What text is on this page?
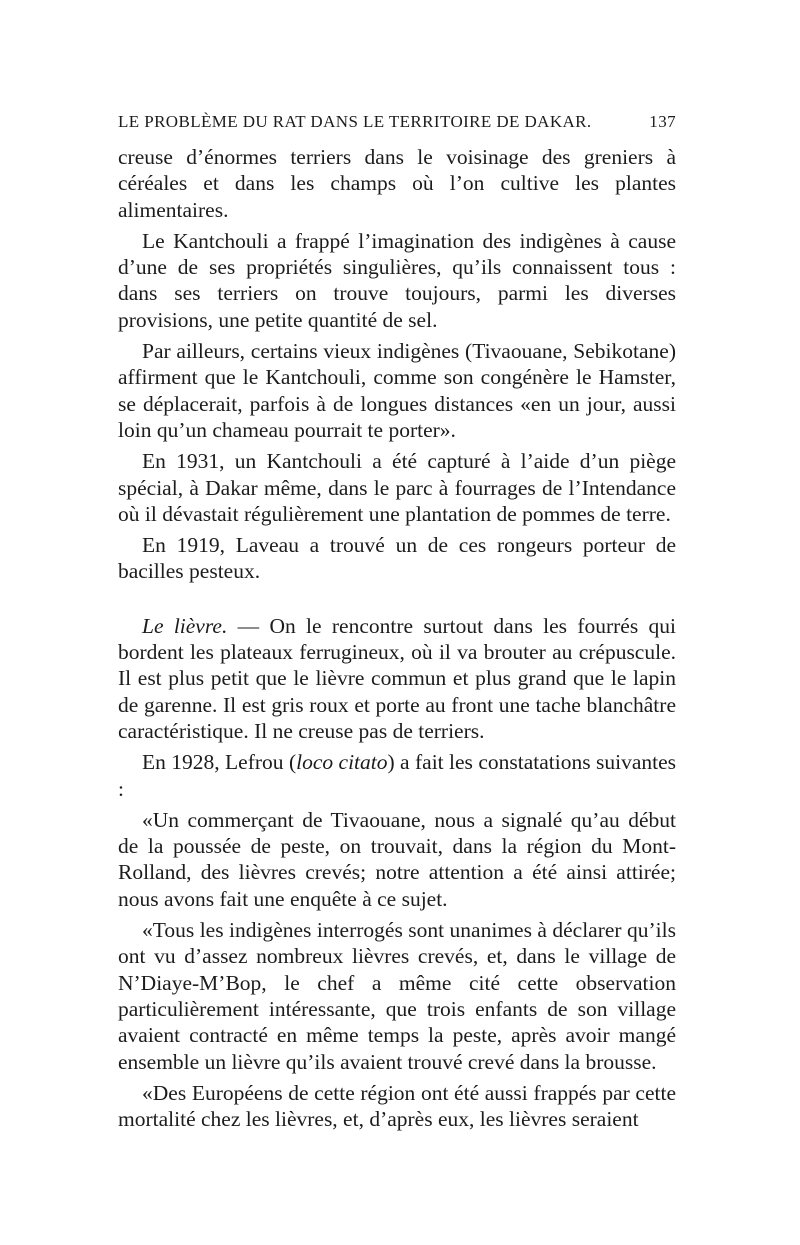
LE PROBLÈME DU RAT DANS LE TERRITOIRE DE DAKAR.	137

creuse d’énormes terriers dans le voisinage des greniers à céréales et dans les champs où l’on cultive les plantes alimentaires.

Le Kantchouli a frappé l’imagination des indigènes à cause d’une de ses propriétés singulières, qu’ils connaissent tous : dans ses terriers on trouve toujours, parmi les diverses provisions, une petite quantité de sel.

Par ailleurs, certains vieux indigènes (Tivaouane, Sebikotane) affirment que le Kantchouli, comme son congénère le Hamster, se déplacerait, parfois à de longues distances «en un jour, aussi loin qu’un chameau pourrait te porter».

En 1931, un Kantchouli a été capturé à l’aide d’un piège spécial, à Dakar même, dans le parc à fourrages de l’Intendance où il dévastait régulièrement une plantation de pommes de terre.

En 1919, Laveau a trouvé un de ces rongeurs porteur de bacilles pesteux.

Le lièvre. — On le rencontre surtout dans les fourrés qui bordent les plateaux ferrugineux, où il va brouter au crépuscule. Il est plus petit que le lièvre commun et plus grand que le lapin de garenne. Il est gris roux et porte au front une tache blanchâtre caractéristique. Il ne creuse pas de terriers.

En 1928, Lefrou (loco citato) a fait les constatations suivantes :

«Un commerçant de Tivaouane, nous a signalé qu’au début de la poussée de peste, on trouvait, dans la région du Mont-Rolland, des lièvres crevés; notre attention a été ainsi attirée; nous avons fait une enquête à ce sujet.

«Tous les indigènes interrogés sont unanimes à déclarer qu’ils ont vu d’assez nombreux lièvres crevés, et, dans le village de N’Diaye-M’Bop, le chef a même cité cette observation particulièrement intéressante, que trois enfants de son village avaient contracté en même temps la peste, après avoir mangé ensemble un lièvre qu’ils avaient trouvé crevé dans la brousse.

«Des Européens de cette région ont été aussi frappés par cette mortalité chez les lièvres, et, d’après eux, les lièvres seraient
